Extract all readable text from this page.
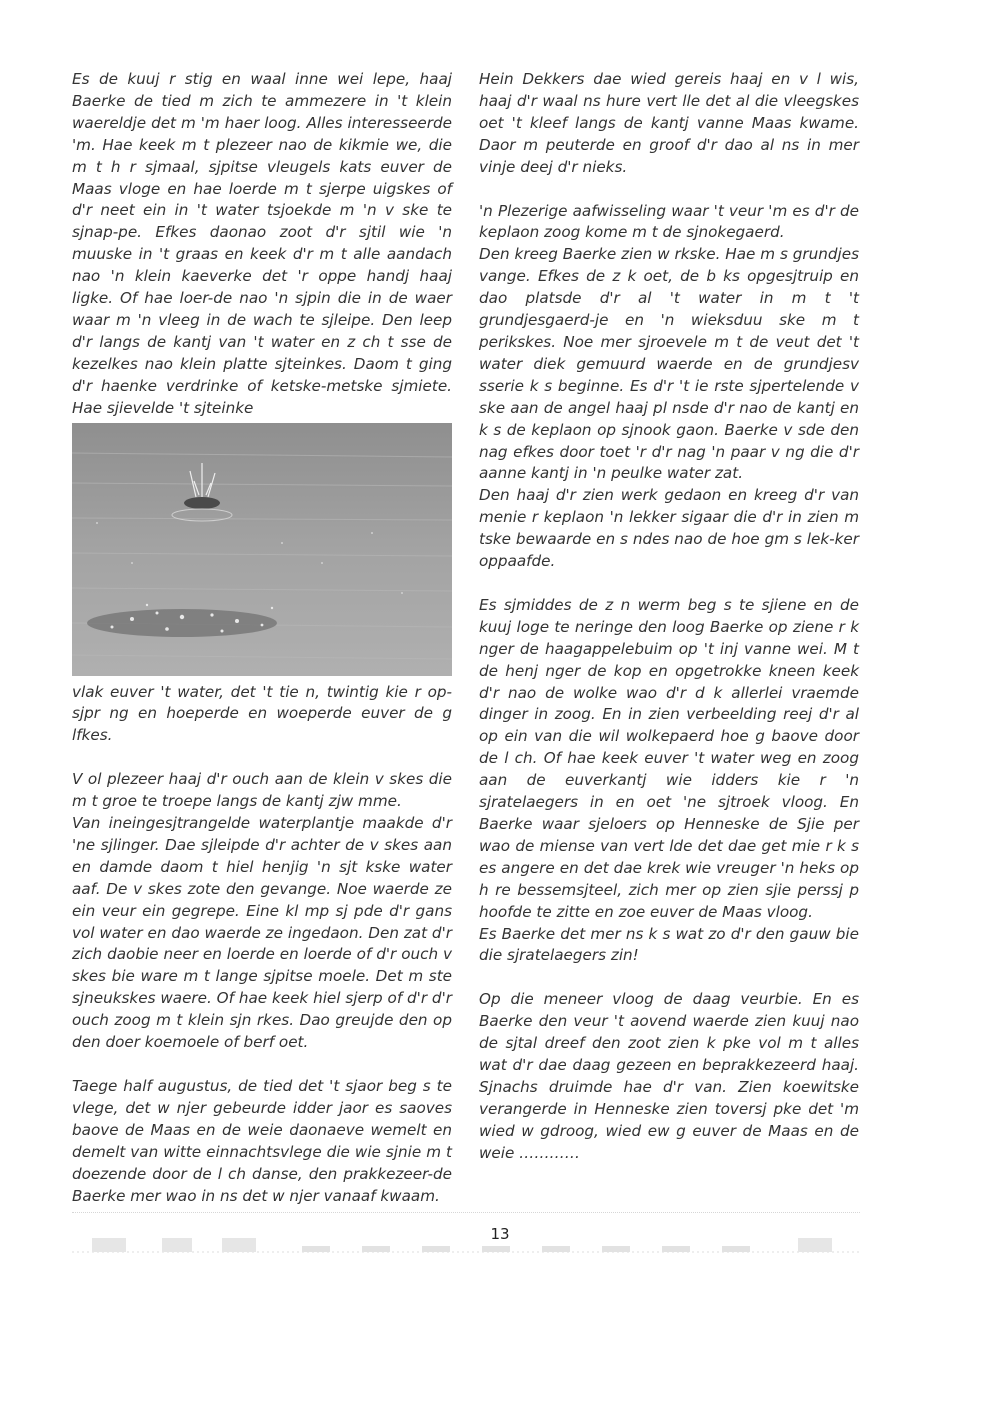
Es de kuuj r stig en waal inne wei lepe, haaj Baerke de tied m zich te ammezere in 't klein waereldje det m 'm haer loog. Alles interesseerde 'm. Hae keek m t plezeer nao de kikmie we, die m t h r sjmaal, sjpitse vleugels kats euver de Maas vloge en hae loerde m t sjerpe uigskes of d'r neet ein in 't water tsjoekde m 'n v ske te sjnap-pe. Efkes daonao zoot d'r sjtil wie 'n muuske in 't graas en keek d'r m t alle aandach nao 'n klein kaeverke det 'r oppe handj haaj ligke. Of hae loer-de nao 'n sjpin die in de waer waar m 'n vleeg in de wach te sjleipe. Den leep d'r langs de kantj van 't water en z ch t sse de kezelkes nao klein platte sjteinkes. Daom t ging d'r haenke verdrinke of ketske-metske sjmiete. Hae sjievelde 't sjteinke

vlak euver 't water, det 't tie n, twintig kie r op-sjpr ng en hoeperde en woeperde euver de g lfkes.

V ol plezeer haaj d'r ouch aan de klein v skes die m t groe te troepe langs de kantj zjw mme.

Van ineingesjtrangelde waterplantje maakde d'r 'ne sjlinger. Dae sjleipde d'r achter de v skes aan en damde daom t hiel henjig 'n sjt kske water aaf. De v skes zote den gevange. Noe waerde ze ein veur ein gegrepe. Eine kl mp sj pde d'r gans vol water en dao waerde ze ingedaon. Den zat d'r zich daobie neer en loerde en loerde of d'r ouch v skes bie ware m t lange sjpitse moele. Det m ste sjneukskes waere. Of hae keek hiel sjerp of d'r d'r ouch zoog m t klein sjn rkes. Dao greujde den op den doer koemoele of berf oet.

Taege half augustus, de tied det 't sjaor beg s te vlege, det w njer gebeurde idder jaor es saoves baove de Maas en de weie daonaeve wemelt en demelt van witte einnachtsvlege die wie sjnie m t doezende door de l ch danse, den prakkezeer-de Baerke mer wao in ns det w njer vanaaf kwaam.

Hein Dekkers dae wied gereis haaj en v l wis, haaj d'r waal ns hure vert lle det al die vleegskes oet 't kleef langs de kantj vanne Maas kwame. Daor m peuterde en groof d'r dao al ns in mer vinje deej d'r nieks.

'n Plezerige aafwisseling waar 't veur 'm es d'r de keplaon zoog kome m t de sjnokegaerd.

Den kreeg Baerke zien w rkske. Hae m s grundjes vange. Efkes de z k oet, de b ks opgesjtruip en dao platsde d'r al 't water in m t 't grundjesgaerd-je en 'n wieksduu ske m t perikskes. Noe mer sjroevele m t de veut det 't water diek gemuurd waerde en de grundjesv sserie k s beginne. Es d'r 't ie rste sjpertelende v ske aan de angel haaj pl nsde d'r nao de kantj en k s de keplaon op sjnook gaon. Baerke v sde den nag efkes door toet 'r d'r nag 'n paar v ng die d'r aanne kantj in 'n peulke water zat.

Den haaj d'r zien werk gedaon en kreeg d'r van menie r keplaon 'n lekker sigaar die d'r in zien m tske bewaarde en s ndes nao de hoe gm s lek-ker oppaafde.

Es sjmiddes de z n werm beg s te sjiene en de kuuj loge te neringe den loog Baerke op ziene r k nger de haagappelebuim op 't inj vanne wei. M t de henj nger de kop en opgetrokke kneen keek d'r nao de wolke wao d'r d k allerlei vraemde dinger in zoog. En in zien verbeelding reej d'r al op ein van die wil wolkepaerd hoe g baove door de l ch. Of hae keek euver 't water weg en zoog aan de euverkantj wie idders kie r 'n sjratelaegers in en oet 'ne sjtroek vloog. En Baerke waar sjeloers op Henneske de Sjie per wao de miense van vert lde det dae get mie r k s es angere en det dae krek wie vreuger 'n heks op h re bessemsjteel, zich mer op zien sjie perssj p hoofde te zitte en zoe euver de Maas vloog.

Es Baerke det mer ns k s wat zo d'r den gauw bie die sjratelaegers zin!

Op die meneer vloog de daag veurbie. En es Baerke den veur 't aovend waerde zien kuuj nao de sjtal dreef den zoot zien k pke vol m t alles wat d'r dae daag gezeen en beprakkezeerd haaj. Sjnachs druimde hae d'r van. Zien koewitske verangerde in Henneske zien toversj pke det 'm wied w gdroog, wied ew g euver de Maas en de weie …………

13
